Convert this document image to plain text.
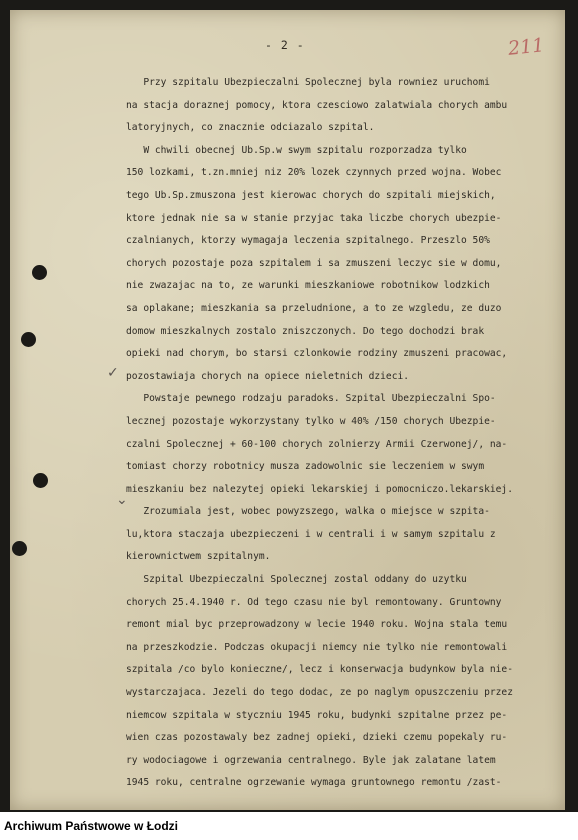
- 2 -	211
✓
⌄
Przy szpitalu Ubezpieczalni Spolecznej byla rowniez uruchomi
na stacja doraznej pomocy, ktora czesciowo zalatwiala chorych ambu
latoryjnych, co znacznie odciazalo szpital.
W chwili obecnej Ub.Sp.w swym szpitalu rozporzadza tylko
150 lozkami, t.zn.mniej niz 20% lozek czynnych przed wojna. Wobec
tego Ub.Sp.zmuszona jest kierowac chorych do szpitali miejskich,
ktore jednak nie sa w stanie przyjac taka liczbe chorych ubezpie-
czalnianych, ktorzy wymagaja leczenia szpitalnego. Przeszlo 50%
chorych pozostaje poza szpitalem i sa zmuszeni leczyc sie w domu,
nie zwazajac na to, ze warunki mieszkaniowe robotnikow lodzkich
sa oplakane; mieszkania sa przeludnione, a to ze wzgledu, ze duzo
domow mieszkalnych zostalo zniszczonych. Do tego dochodzi brak
opieki nad chorym, bo starsi czlonkowie rodziny zmuszeni pracowac,
pozostawiaja chorych na opiece nieletnich dzieci.
Powstaje pewnego rodzaju paradoks. Szpital Ubezpieczalni Spo-
lecznej pozostaje wykorzystany tylko w 40% /150 chorych Ubezpie-
czalni Spolecznej + 60-100 chorych zolnierzy Armii Czerwonej/, na-
tomiast chorzy robotnicy musza zadowolnic sie leczeniem w swym
mieszkaniu bez nalezytej opieki lekarskiej i pomocniczo.lekarskiej.
Zrozumiala jest, wobec powyzszego, walka o miejsce w szpita-
lu,ktora staczaja ubezpieczeni i w centrali i w samym szpitalu z
kierownictwem szpitalnym.
Szpital Ubezpieczalni Spolecznej zostal oddany do uzytku
chorych 25.4.1940 r. Od tego czasu nie byl remontowany. Gruntowny
remont mial byc przeprowadzony w lecie 1940 roku. Wojna stala temu
na przeszkodzie. Podczas okupacji niemcy nie tylko nie remontowali
szpitala /co bylo konieczne/, lecz i konserwacja budynkow byla nie-
wystarczajaca. Jezeli do tego dodac, ze po naglym opuszczeniu przez
niemcow szpitala w styczniu 1945 roku, budynki szpitalne przez pe-
wien czas pozostawaly bez zadnej opieki, dzieki czemu popekaly ru-
ry wodociagowe i ogrzewania centralnego. Byle jak zalatane latem
1945 roku, centralne ogrzewanie wymaga gruntownego remontu /zast-
Archiwum Państwowe w Łodzi
